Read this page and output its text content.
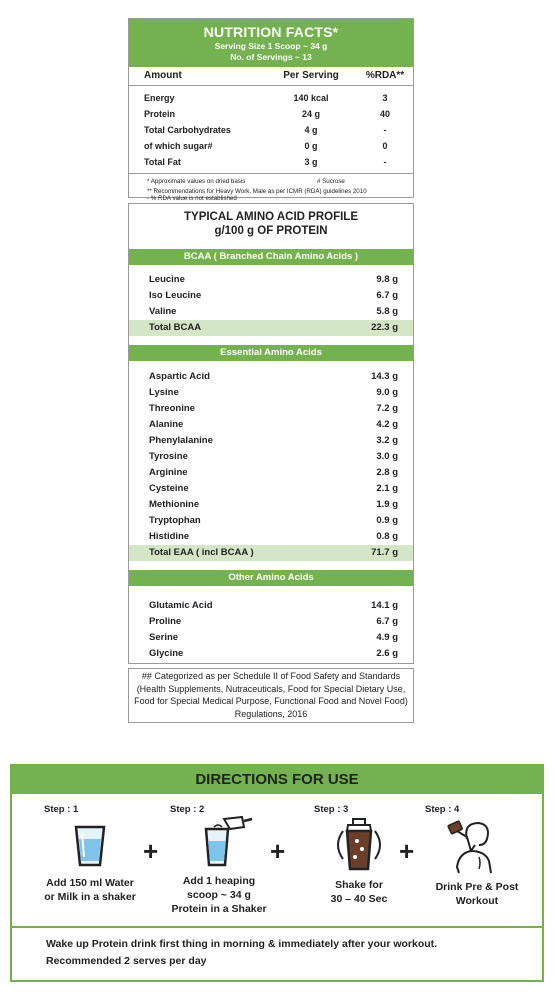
NUTRITION FACTS*
Serving Size 1 Scoop ~ 34 g
No. of Servings ~ 13
Amount	Per Serving	%RDA**
Energy	140 kcal	3
Protein	24 g	40
Total Carbohydrates	4 g	-
of which sugar#	0 g	0
Total Fat	3 g	-
* Approximate values on dried basis	# Sucrose
** Recommendations for Heavy Work, Male as per ICMR (RDA) guidelines 2010
- % RDA value is not established
TYPICAL AMINO ACID PROFILE
g/100 g OF PROTEIN
BCAA ( Branched Chain Amino Acids )
Leucine	9.8 g
Iso Leucine	6.7 g
Valine	5.8 g
Total BCAA	22.3 g
Essential Amino Acids
Aspartic Acid	14.3 g
Lysine	9.0 g
Threonine	7.2 g
Alanine	4.2 g
Phenylalanine	3.2 g
Tyrosine	3.0 g
Arginine	2.8 g
Cysteine	2.1 g
Methionine	1.9 g
Tryptophan	0.9 g
Histidine	0.8 g
Total EAA ( incl BCAA )	71.7 g
Other Amino Acids
Glutamic Acid	14.1 g
Proline	6.7 g
Serine	4.9 g
Glycine	2.6 g
## Categorized as per Schedule II of Food Safety and Standards (Health Supplements, Nutraceuticals, Food for Special Dietary Use, Food for Special Medical Purpose, Functional Food and Novel Food) Regulations, 2016
DIRECTIONS FOR USE
Step : 1
Add 150 ml Water
or Milk in a shaker
+
Step : 2
Add 1 heaping
scoop ~ 34 g
Protein in a Shaker
+
Step : 3
Shake for
30 – 40 Sec
+
Step : 4
Drink Pre & Post
Workout
Wake up Protein drink first thing in morning & immediately after your workout.
Recommended 2 serves per day
